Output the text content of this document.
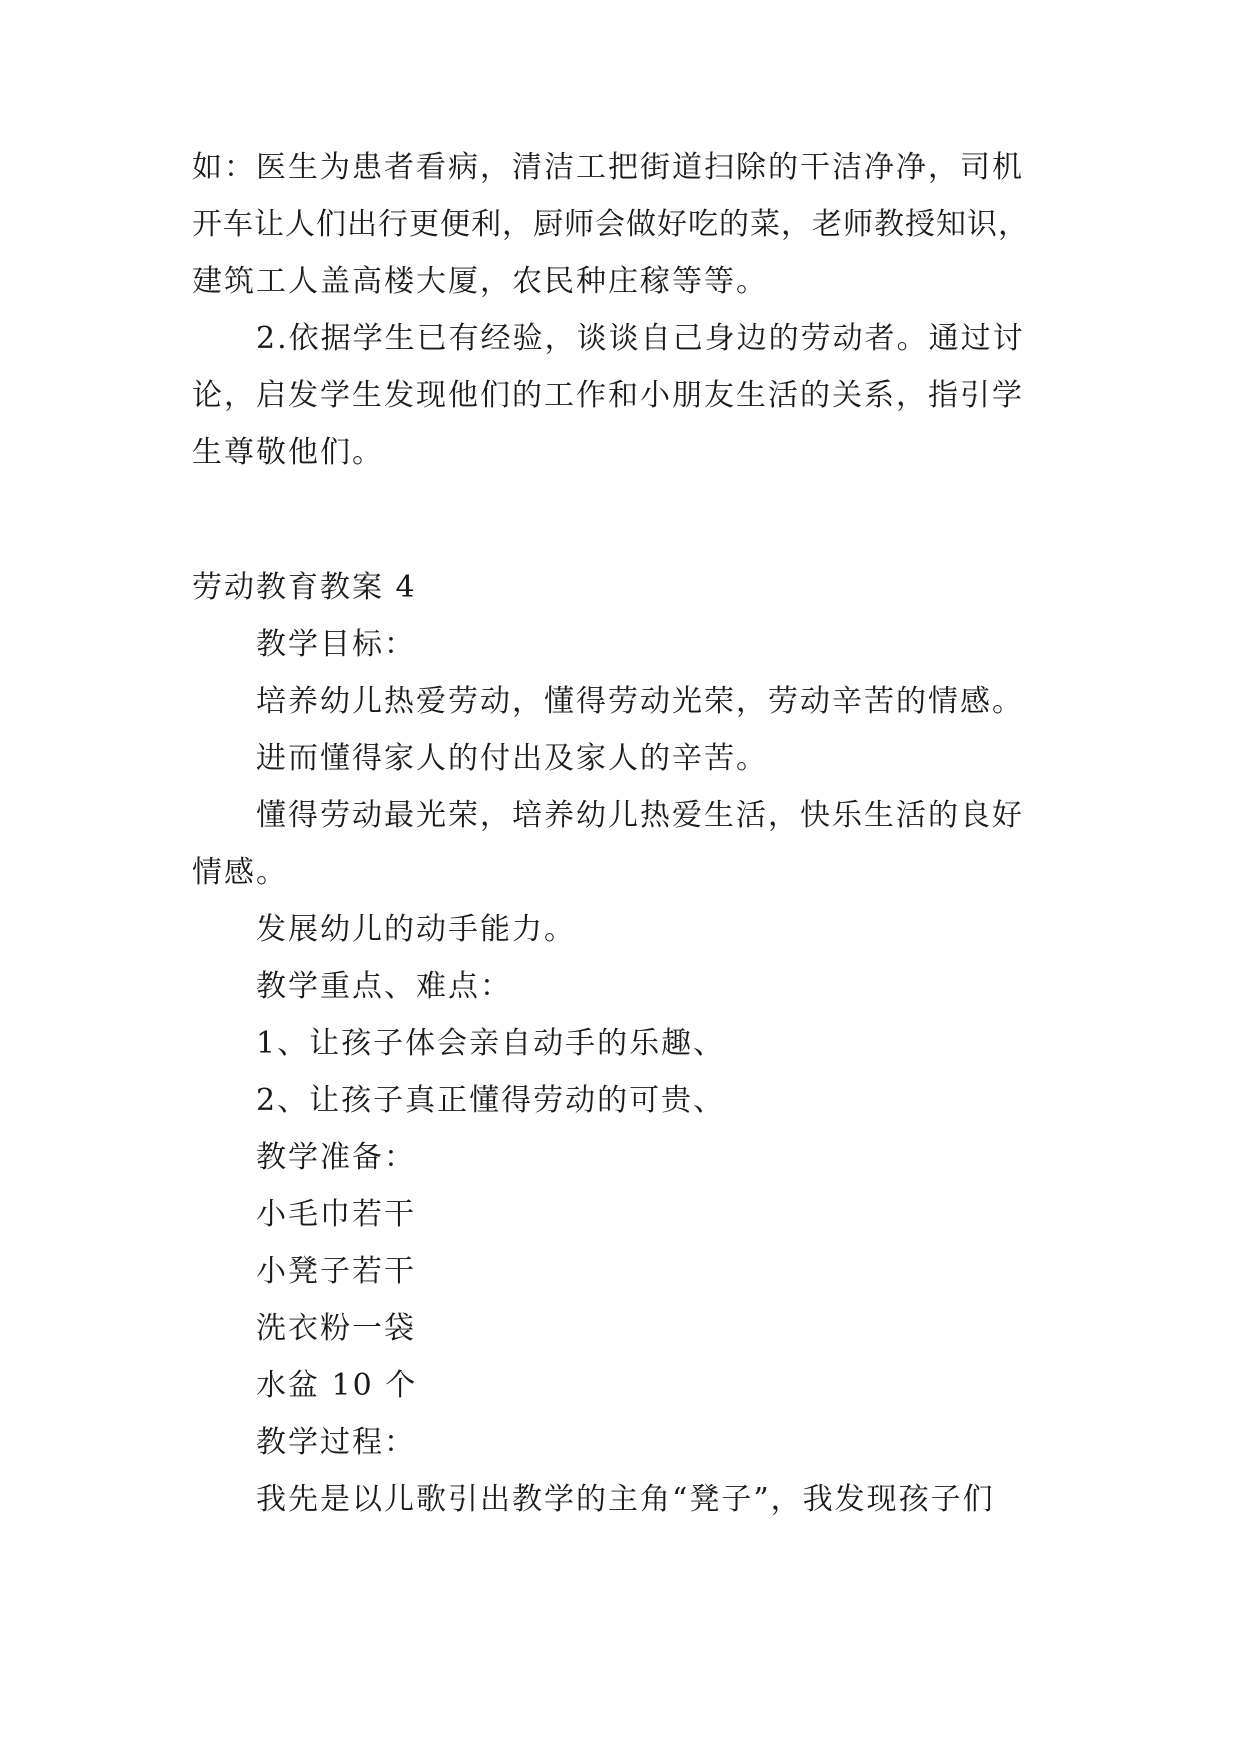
如：医生为患者看病，清洁工把街道扫除的干洁净净，司机
开车让人们出行更便利，厨师会做好吃的菜，老师教授知识，
建筑工人盖高楼大厦，农民种庄稼等等。
2.依据学生已有经验，谈谈自己身边的劳动者。通过讨
论，启发学生发现他们的工作和小朋友生活的关系，指引学
生尊敬他们。
劳动教育教案 4
教学目标：
培养幼儿热爱劳动，懂得劳动光荣，劳动辛苦的情感。
进而懂得家人的付出及家人的辛苦。
懂得劳动最光荣，培养幼儿热爱生活，快乐生活的良好
情感。
发展幼儿的动手能力。
教学重点、难点：
1、让孩子体会亲自动手的乐趣、
2、让孩子真正懂得劳动的可贵、
教学准备：
小毛巾若干
小凳子若干
洗衣粉一袋
水盆 10 个
教学过程：
我先是以儿歌引出教学的主角“凳子”，我发现孩子们
